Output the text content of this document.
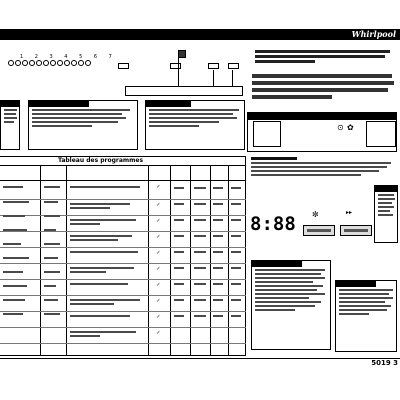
Whirlpool
1 2 3 4 5 6 7
⊙ ✿
8:88 ✼	▸▸
Tableau des programmes
✓
✓
✓
✓
✓
✓
✓
✓
✓
✓
5019 3
